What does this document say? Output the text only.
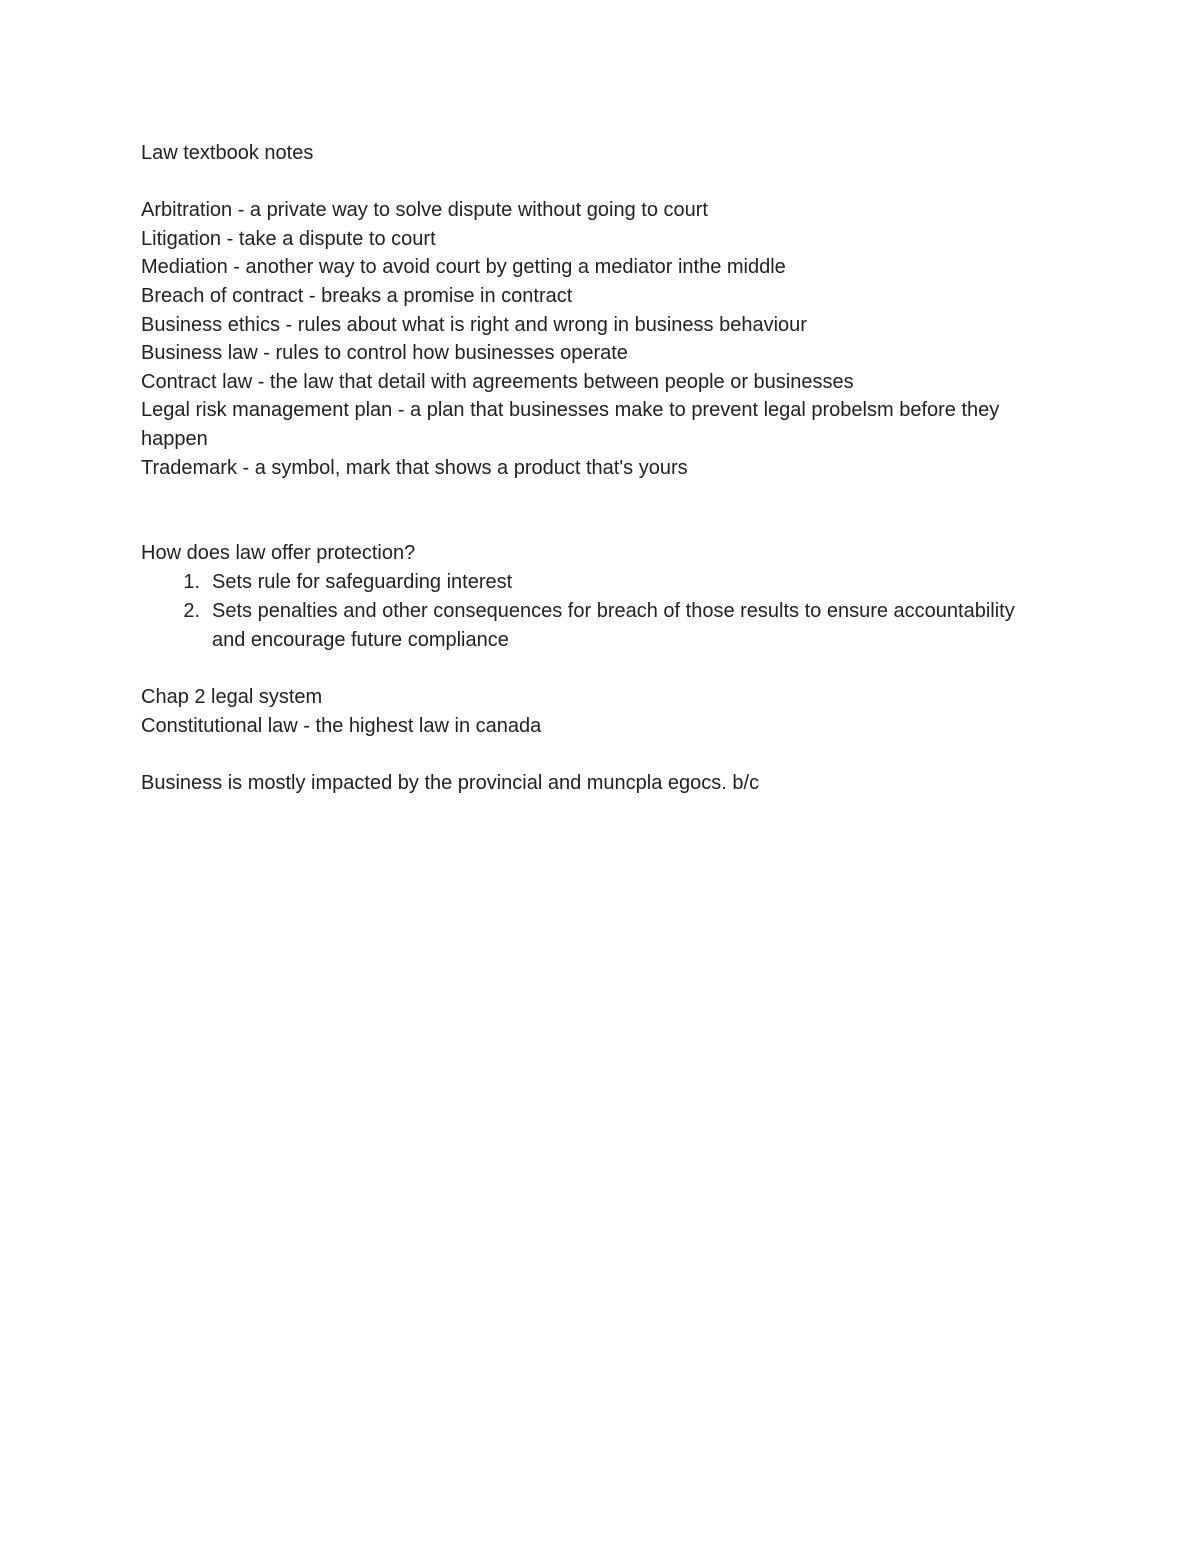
Law textbook notes

Arbitration - a private way to solve dispute without going to court

Litigation - take a dispute to court

Mediation - another way to avoid court by getting a mediator inthe middle

Breach of contract - breaks a promise in contract

Business ethics - rules about what is right and wrong in business behaviour

Business law - rules to control how businesses operate

Contract law - the law that detail with agreements between people or businesses

Legal risk management plan - a plan that businesses make to prevent legal probelsm before they happen

Trademark - a symbol, mark that shows a product that's yours

How does law offer protection?

Sets rule for safeguarding interest
Sets penalties and other consequences for breach of those results to ensure accountability and encourage future compliance

Chap 2 legal system

Constitutional law - the highest law in canada

Business is mostly impacted by the provincial and muncpla egocs. b/c
